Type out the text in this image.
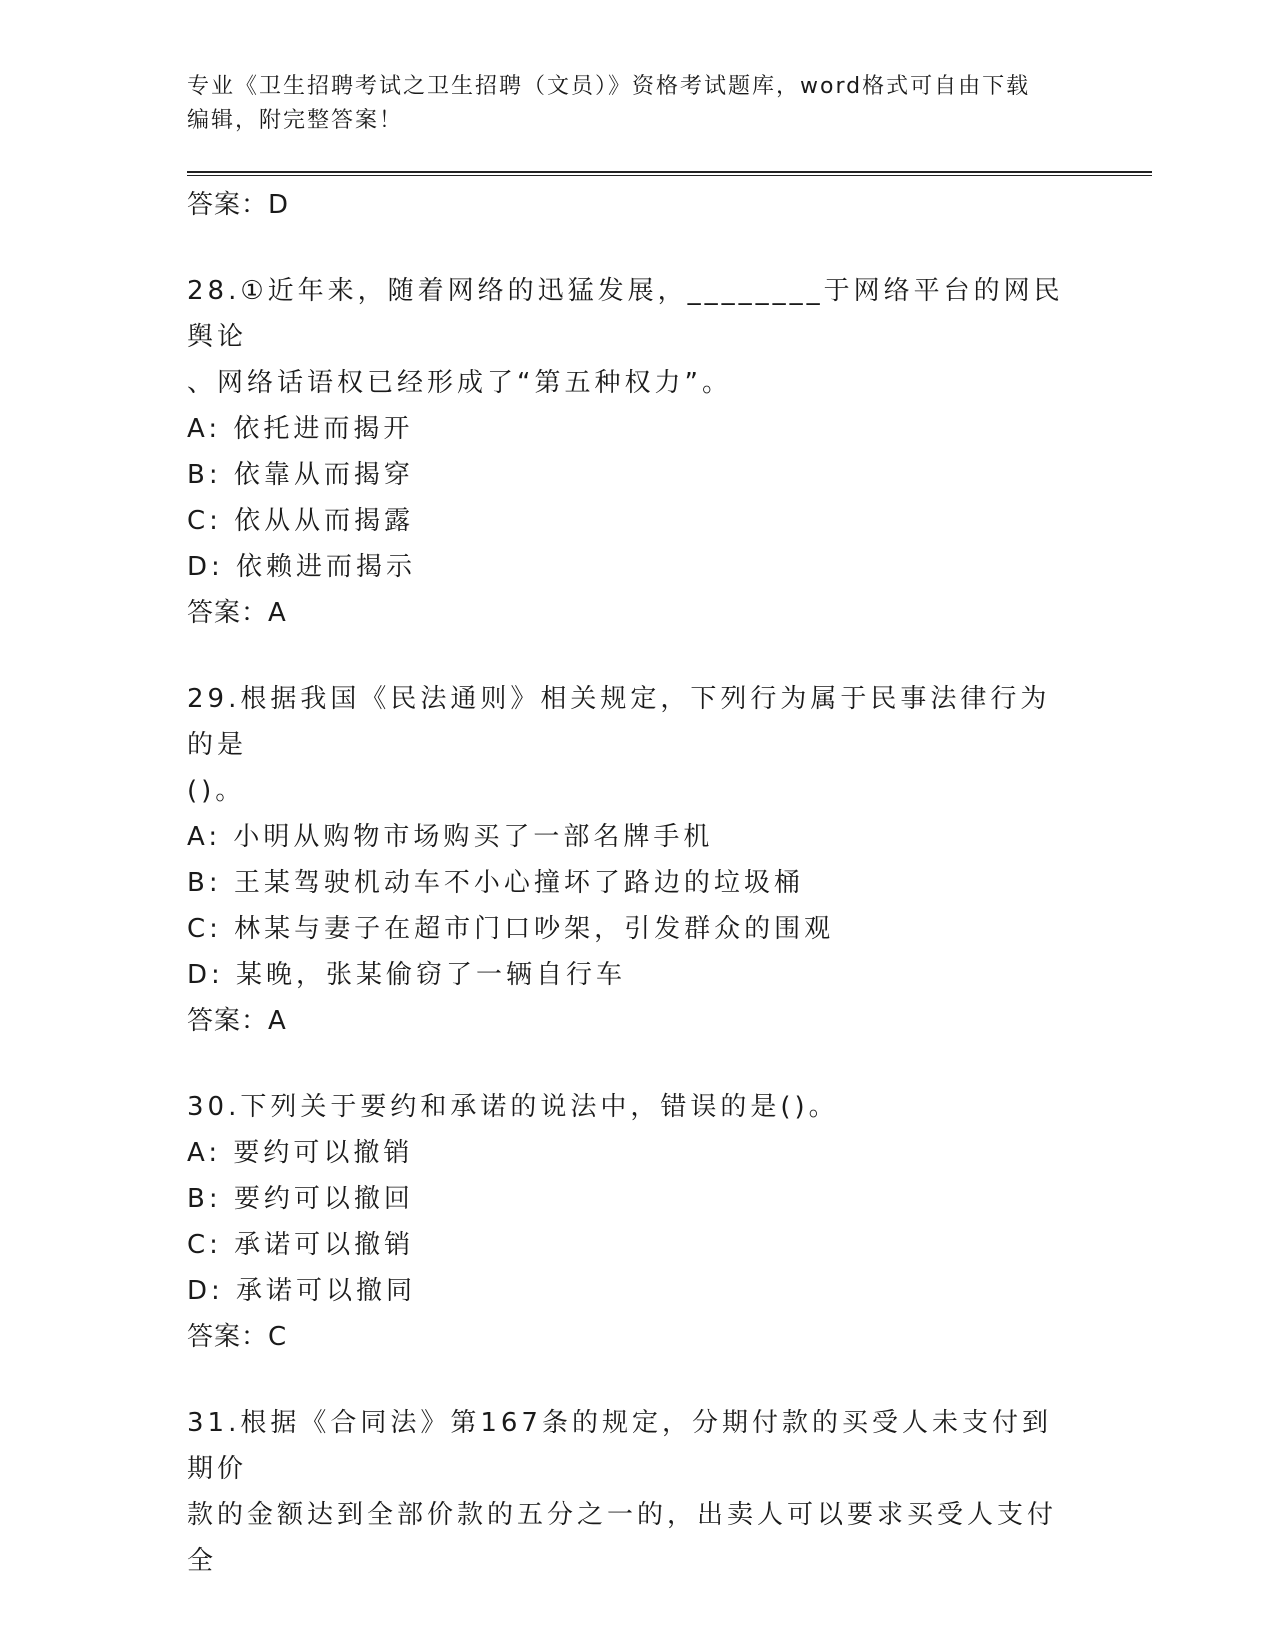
专业《卫生招聘考试之卫生招聘（文员）》资格考试题库，word格式可自由下载
编辑，附完整答案！
答案：D
28.①近年来，随着网络的迅猛发展，________于网络平台的网民舆论
、网络话语权已经形成了“第五种权力”。
A: 依托进而揭开
B: 依靠从而揭穿
C: 依从从而揭露
D: 依赖进而揭示
答案：A
29.根据我国《民法通则》相关规定，下列行为属于民事法律行为的是
()。
A: 小明从购物市场购买了一部名牌手机
B: 王某驾驶机动车不小心撞坏了路边的垃圾桶
C: 林某与妻子在超市门口吵架，引发群众的围观
D: 某晚，张某偷窃了一辆自行车
答案：A
30.下列关于要约和承诺的说法中，错误的是()。
A: 要约可以撤销
B: 要约可以撤回
C: 承诺可以撤销
D: 承诺可以撤同
答案：C
31.根据《合同法》第167条的规定，分期付款的买受人未支付到期价
款的金额达到全部价款的五分之一的，出卖人可以要求买受人支付全
